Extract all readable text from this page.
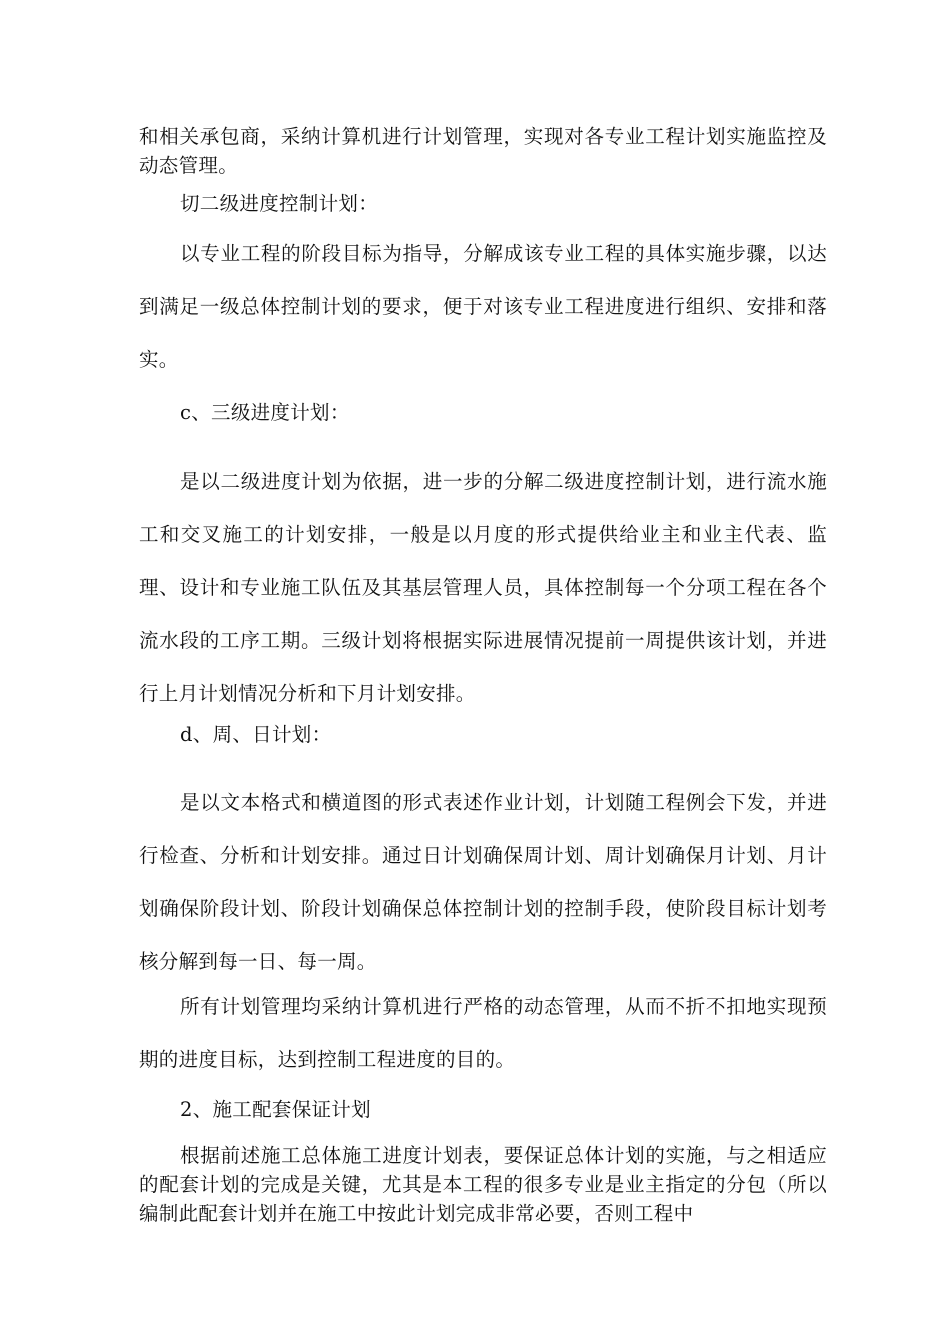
和相关承包商，采纳计算机进行计划管理，实现对各专业工程计划实施监控及动态管理。

切二级进度控制计划：

以专业工程的阶段目标为指导，分解成该专业工程的具体实施步骤，以达到满足一级总体控制计划的要求，便于对该专业工程进度进行组织、安排和落实。

c、三级进度计划：

是以二级进度计划为依据，进一步的分解二级进度控制计划，进行流水施工和交叉施工的计划安排，一般是以月度的形式提供给业主和业主代表、监理、设计和专业施工队伍及其基层管理人员，具体控制每一个分项工程在各个流水段的工序工期。三级计划将根据实际进展情况提前一周提供该计划，并进行上月计划情况分析和下月计划安排。

d、周、日计划：

是以文本格式和横道图的形式表述作业计划，计划随工程例会下发，并进行检查、分析和计划安排。通过日计划确保周计划、周计划确保月计划、月计划确保阶段计划、阶段计划确保总体控制计划的控制手段，使阶段目标计划考核分解到每一日、每一周。

所有计划管理均采纳计算机进行严格的动态管理，从而不折不扣地实现预期的进度目标，达到控制工程进度的目的。

2、施工配套保证计划

根据前述施工总体施工进度计划表，要保证总体计划的实施，与之相适应的配套计划的完成是关键，尤其是本工程的很多专业是业主指定的分包（所以编制此配套计划并在施工中按此计划完成非常必要，否则工程中
